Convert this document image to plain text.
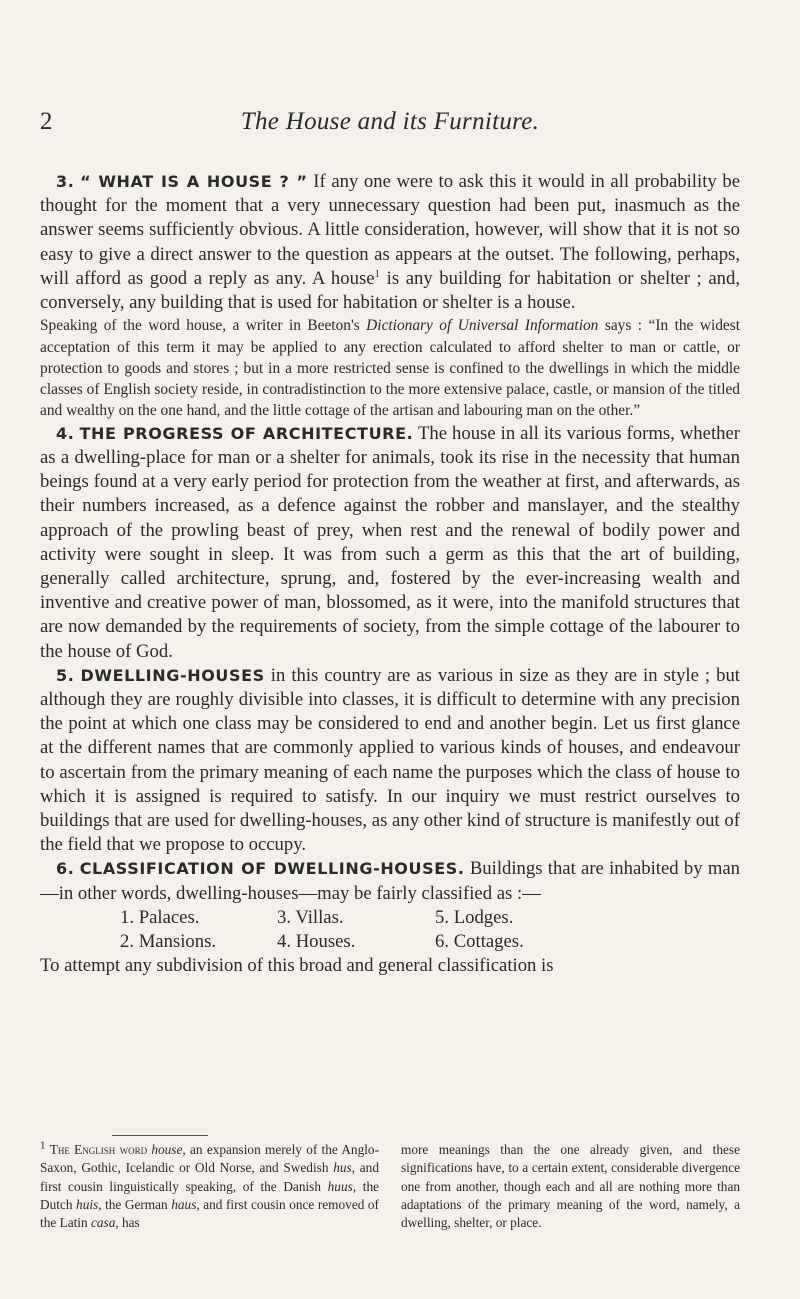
2	The House and its Furniture.

3. “ WHAT IS A HOUSE ? ” If any one were to ask this it would in all probability be thought for the moment that a very unnecessary question had been put, inasmuch as the answer seems sufficiently obvious. A little consideration, however, will show that it is not so easy to give a direct answer to the question as appears at the outset. The following, perhaps, will afford as good a reply as any. A house$^1$ is any building for habitation or shelter ; and, conversely, any building that is used for habitation or shelter is a house.

Speaking of the word house, a writer in Beeton's Dictionary of Universal Information says : “In the widest acceptation of this term it may be applied to any erection calculated to afford shelter to man or cattle, or protection to goods and stores ; but in a more restricted sense is confined to the dwellings in which the middle classes of English society reside, in contradistinction to the more extensive palace, castle, or mansion of the titled and wealthy on the one hand, and the little cottage of the artisan and labouring man on the other.”

4. THE PROGRESS OF ARCHITECTURE. The house in all its various forms, whether as a dwelling-place for man or a shelter for animals, took its rise in the necessity that human beings found at a very early period for protection from the weather at first, and afterwards, as their numbers increased, as a defence against the robber and manslayer, and the stealthy approach of the prowling beast of prey, when rest and the renewal of bodily power and activity were sought in sleep. It was from such a germ as this that the art of building, generally called architecture, sprung, and, fostered by the ever-increasing wealth and inventive and creative power of man, blossomed, as it were, into the manifold structures that are now demanded by the requirements of society, from the simple cottage of the labourer to the house of God.

5. DWELLING-HOUSES in this country are as various in size as they are in style ; but although they are roughly divisible into classes, it is difficult to determine with any precision the point at which one class may be considered to end and another begin. Let us first glance at the different names that are commonly applied to various kinds of houses, and endeavour to ascertain from the primary meaning of each name the purposes which the class of house to which it is assigned is required to satisfy. In our inquiry we must restrict ourselves to buildings that are used for dwelling-houses, as any other kind of structure is manifestly out of the field that we propose to occupy.

6. CLASSIFICATION OF DWELLING-HOUSES. Buildings that are inhabited by man—in other words, dwelling-houses—may be fairly classified as :—

1. Palaces.	3. Villas.	5. Lodges.
2. Mansions.	4. Houses.	6. Cottages.

To attempt any subdivision of this broad and general classification is

$^1$ The English word house, an expansion merely of the Anglo-Saxon, Gothic, Icelandic or Old Norse, and Swedish hus, and first cousin linguistically speaking, of the Danish huus, the Dutch huis, the German haus, and first cousin once removed of the Latin casa, has
more meanings than the one already given, and these significations have, to a certain extent, considerable divergence one from another, though each and all are nothing more than adaptations of the primary meaning of the word, namely, a dwelling, shelter, or place.
